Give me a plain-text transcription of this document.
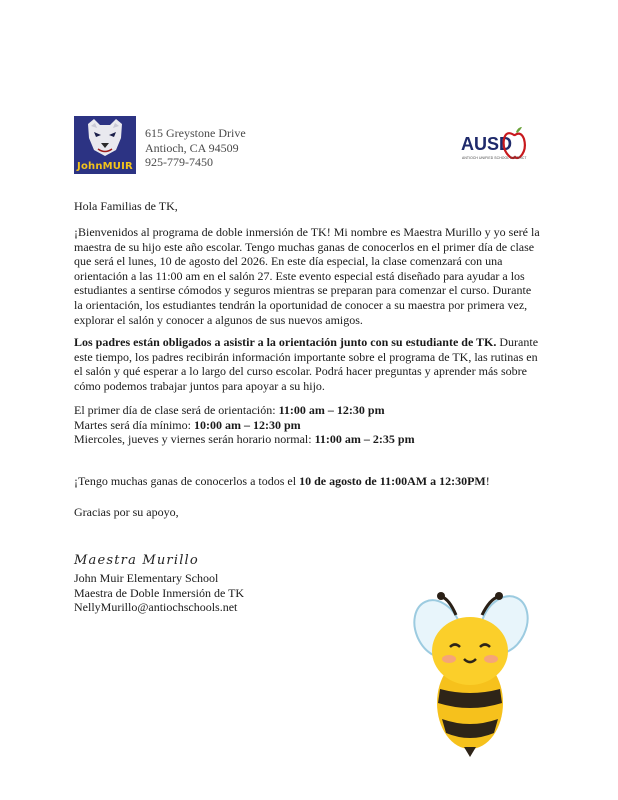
JohnMUIR
615 Greystone Drive
Antioch, CA 94509
925-779-7450
AUSD
ANTIOCH UNIFIED SCHOOL DISTRICT
Hola Familias de TK,
¡Bienvenidos al programa de doble inmersión de TK! Mi nombre es Maestra Murillo y yo seré la
maestra de su hijo este año escolar. Tengo muchas ganas de conocerlos en el primer día de clase
que será el lunes, 10 de agosto del 2026. En este día especial, la clase comenzará con una
orientación a las 11:00 am en el salón 27. Este evento especial está diseñado para ayudar a los
estudiantes a sentirse cómodos y seguros mientras se preparan para comenzar el curso. Durante
la orientación, los estudiantes tendrán la oportunidad de conocer a su maestra por primera vez,
explorar el salón y conocer a algunos de sus nuevos amigos.
Los padres están obligados a asistir a la orientación junto con su estudiante de TK. Durante
este tiempo, los padres recibirán información importante sobre el programa de TK, las rutinas en
el salón y qué esperar a lo largo del curso escolar. Podrá hacer preguntas y aprender más sobre
cómo podemos trabajar juntos para apoyar a su hijo.
El primer día de clase será de orientación: 11:00 am – 12:30 pm
Martes será día mínimo: 10:00 am – 12:30 pm
Miercoles, jueves y viernes serán horario normal: 11:00 am – 2:35 pm
¡Tengo muchas ganas de conocerlos a todos el 10 de agosto de 11:00AM a 12:30PM!
Gracias por su apoyo,
Maestra Murillo
John Muir Elementary School
Maestra de Doble Inmersión de TK
NellyMurillo@antiochschools.net
